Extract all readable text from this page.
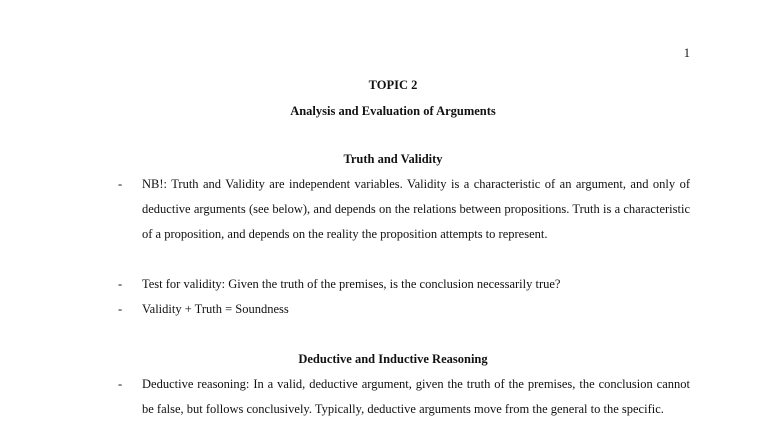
1
TOPIC 2
Analysis and Evaluation of Arguments
Truth and Validity
-	NB!: Truth and Validity are independent variables. Validity is a characteristic of an argument, and only of deductive arguments (see below), and depends on the relations between propositions. Truth is a characteristic of a proposition, and depends on the reality the proposition attempts to represent.
-	Test for validity: Given the truth of the premises, is the conclusion necessarily true?
-	Validity + Truth = Soundness
Deductive and Inductive Reasoning
-	Deductive reasoning: In a valid, deductive argument, given the truth of the premises, the conclusion cannot be false, but follows conclusively. Typically, deductive arguments move from the general to the specific.
